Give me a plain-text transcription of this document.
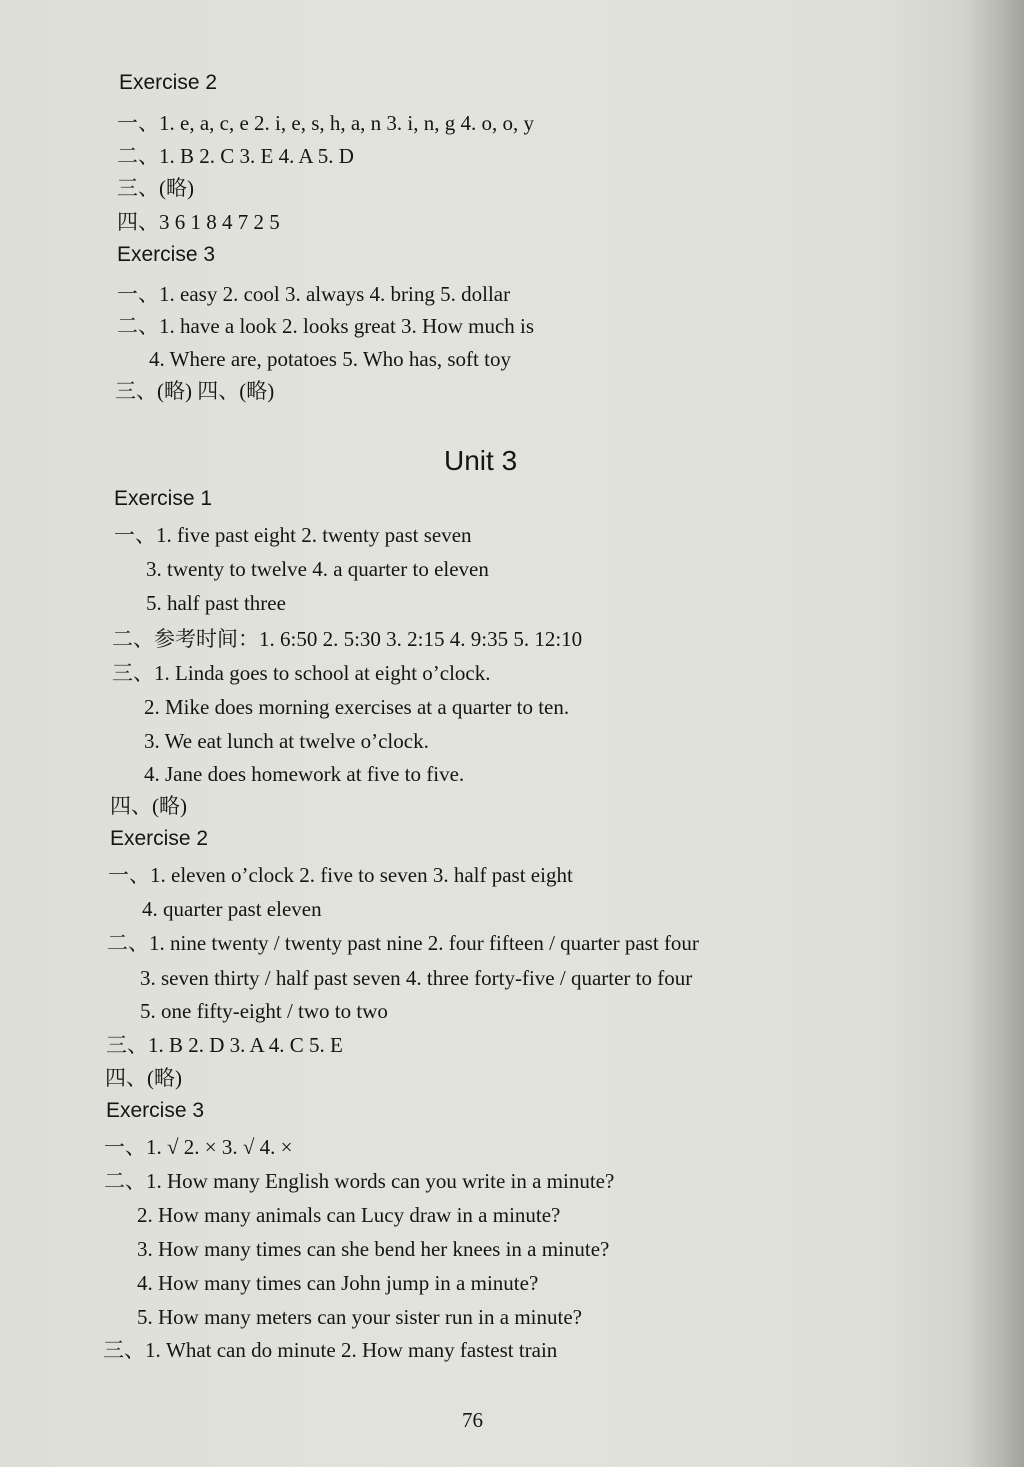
Exercise 2
一、1. e, a, c, e 2. i, e, s, h, a, n 3. i, n, g 4. o, o, y
二、1. B 2. C 3. E 4. A 5. D
三、(略)
四、3 6 1 8 4 7 2 5
Exercise 3
一、1. easy 2. cool 3. always 4. bring 5. dollar
二、1. have a look 2. looks great 3. How much is
4. Where are, potatoes 5. Who has, soft toy
三、(略) 四、(略)
Unit 3
Exercise 1
一、1. five past eight 2. twenty past seven
3. twenty to twelve 4. a quarter to eleven
5. half past three
二、参考时间：1. 6:50 2. 5:30 3. 2:15 4. 9:35 5. 12:10
三、1. Linda goes to school at eight o’clock.
2. Mike does morning exercises at a quarter to ten.
3. We eat lunch at twelve o’clock.
4. Jane does homework at five to five.
四、(略)
Exercise 2
一、1. eleven o’clock 2. five to seven 3. half past eight
4. quarter past eleven
二、1. nine twenty / twenty past nine 2. four fifteen / quarter past four
3. seven thirty / half past seven 4. three forty-five / quarter to four
5. one fifty-eight / two to two
三、1. B 2. D 3. A 4. C 5. E
四、(略)
Exercise 3
一、1. √ 2. × 3. √ 4. ×
二、1. How many English words can you write in a minute?
2. How many animals can Lucy draw in a minute?
3. How many times can she bend her knees in a minute?
4. How many times can John jump in a minute?
5. How many meters can your sister run in a minute?
三、1. What can do minute 2. How many fastest train
76
